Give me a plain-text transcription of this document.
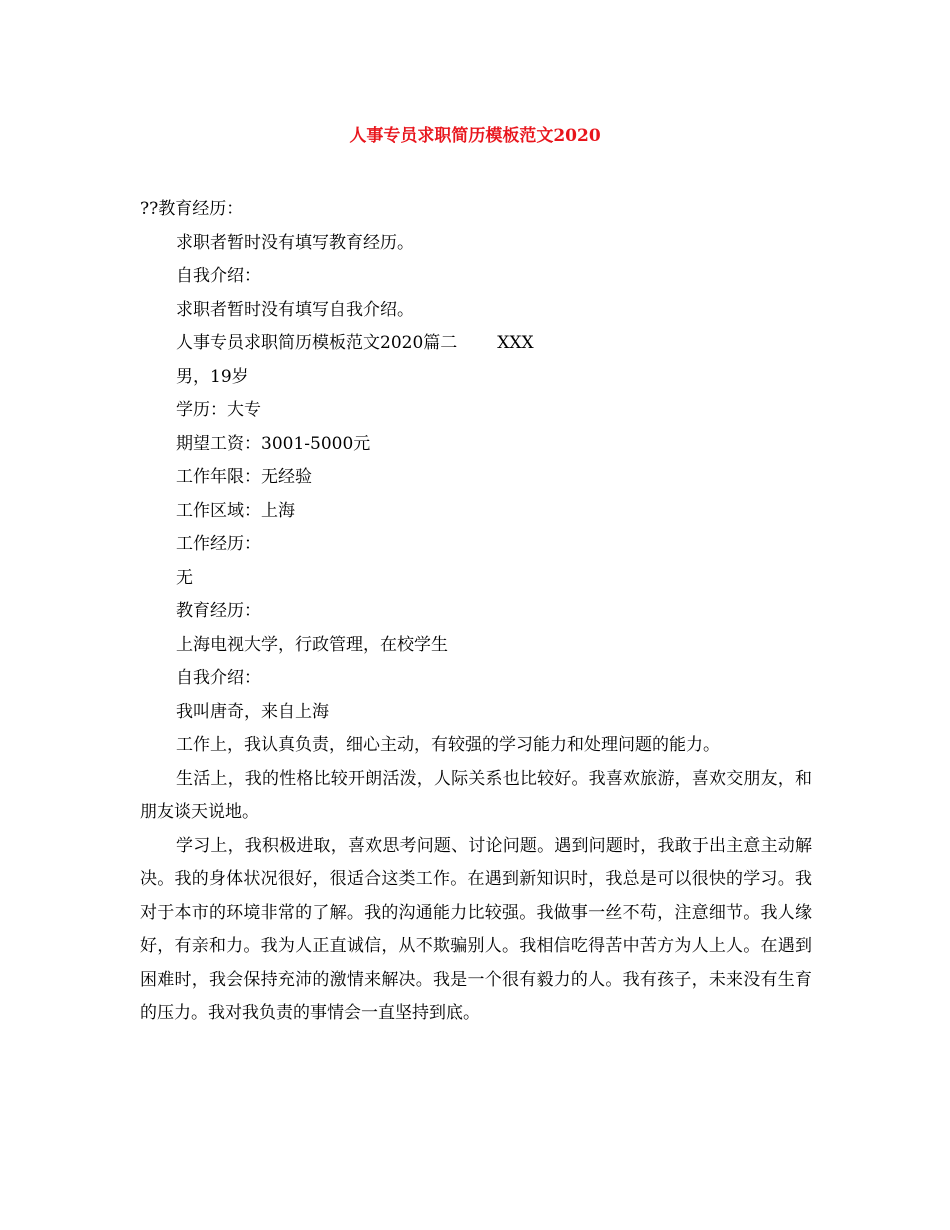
人事专员求职简历模板范文2020
??教育经历：
求职者暂时没有填写教育经历。
自我介绍：
求职者暂时没有填写自我介绍。
人事专员求职简历模板范文2020篇二 XXX
男，19岁
学历：大专
期望工资：3001-5000元
工作年限：无经验
工作区域：上海
工作经历：
无
教育经历：
上海电视大学，行政管理，在校学生
自我介绍：
我叫唐奇，来自上海
工作上，我认真负责，细心主动，有较强的学习能力和处理问题的能力。
生活上，我的性格比较开朗活泼，人际关系也比较好。我喜欢旅游，喜欢交朋友，和朋友谈天说地。
学习上，我积极进取，喜欢思考问题、讨论问题。遇到问题时，我敢于出主意主动解决。我的身体状况很好，很适合这类工作。在遇到新知识时，我总是可以很快的学习。我对于本市的环境非常的了解。我的沟通能力比较强。我做事一丝不苟，注意细节。我人缘好，有亲和力。我为人正直诚信，从不欺骗别人。我相信吃得苦中苦方为人上人。在遇到困难时，我会保持充沛的激情来解决。我是一个很有毅力的人。我有孩子，未来没有生育的压力。我对我负责的事情会一直坚持到底。
